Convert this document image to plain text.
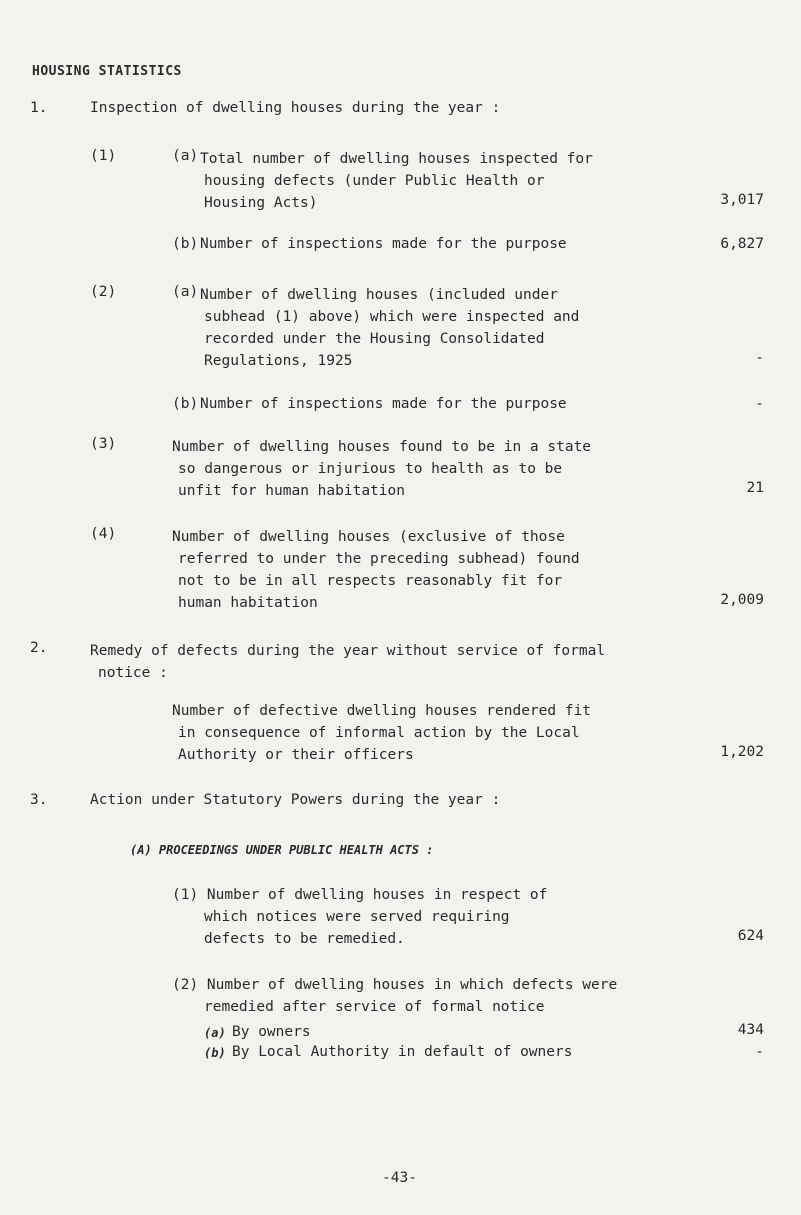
HOUSING STATISTICS
1.	Inspection of dwelling houses during the year :
(1)	(a) Total number of dwelling houses inspected for
housing defects (under Public Health or
Housing Acts)	3,017
(b) Number of inspections made for the purpose	6,827
(2)	(a) Number of dwelling houses (included under
subhead (1) above) which were inspected and
recorded under the Housing Consolidated
Regulations, 1925	-
(b) Number of inspections made for the purpose	-
(3)	Number of dwelling houses found to be in a state
so dangerous or injurious to health as to be
unfit for human habitation	21
(4)	Number of dwelling houses (exclusive of those
referred to under the preceding subhead) found
not to be in all respects reasonably fit for
human habitation	2,009
2.	Remedy of defects during the year without service of formal
notice :
Number of defective dwelling houses rendered fit
in consequence of informal action by the Local
Authority or their officers	1,202
3.	Action under Statutory Powers during the year :
(A) PROCEEDINGS UNDER PUBLIC HEALTH ACTS :
(1) Number of dwelling houses in respect of
which notices were served requiring
defects to be remedied.	624
(2) Number of dwelling houses in which defects were
remedied after service of formal notice
(a) By owners	434
(b) By Local Authority in default of owners	-
-43-
